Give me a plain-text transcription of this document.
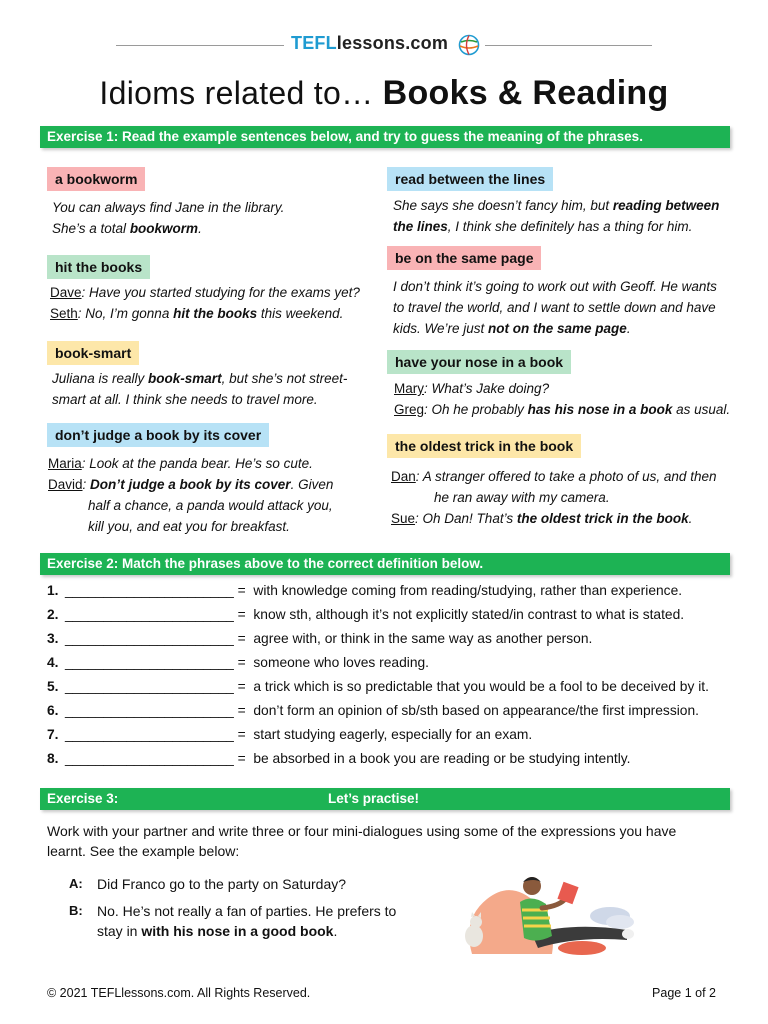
TEFLlessons.com
Idioms related to… Books & Reading
Exercise 1: Read the example sentences below, and try to guess the meaning of the phrases.
a bookworm
You can always find Jane in the library.
She’s a total bookworm.
hit the books
Dave: Have you started studying for the exams yet?
Seth: No, I’m gonna hit the books this weekend.
book-smart
Juliana is really book-smart, but she’s not street-
smart at all. I think she needs to travel more.
don’t judge a book by its cover
Maria: Look at the panda bear. He’s so cute.
David: Don’t judge a book by its cover. Given
half a chance, a panda would attack you,
kill you, and eat you for breakfast.
read between the lines
She says she doesn’t fancy him, but reading between
the lines, I think she definitely has a thing for him.
be on the same page
I don’t think it’s going to work out with Geoff. He wants
to travel the world, and I want to settle down and have
kids. We’re just not on the same page.
have your nose in a book
Mary: What’s Jake doing?
Greg: Oh he probably has his nose in a book as usual.
the oldest trick in the book
Dan: A stranger offered to take a photo of us, and then
he ran away with my camera.
Sue: Oh Dan! That’s the oldest trick in the book.
Exercise 2: Match the phrases above to the correct definition below.
1. ______________________ = with knowledge coming from reading/studying, rather than experience.
2. ______________________ = know sth, although it’s not explicitly stated/in contrast to what is stated.
3. ______________________ = agree with, or think in the same way as another person.
4. ______________________ = someone who loves reading.
5. ______________________ = a trick which is so predictable that you would be a fool to be deceived by it.
6. ______________________ = don’t form an opinion of sb/sth based on appearance/the first impression.
7. ______________________ = start studying eagerly, especially for an exam.
8. ______________________ = be absorbed in a book you are reading or be studying intently.
Exercise 3:	Let’s practise!
Work with your partner and write three or four mini-dialogues using some of the expressions you have
learnt. See the example below:
A: Did Franco go to the party on Saturday?
B: No. He’s not really a fan of parties. He prefers to
stay in with his nose in a good book.
© 2021 TEFLlessons.com. All Rights Reserved.	Page 1 of 2
